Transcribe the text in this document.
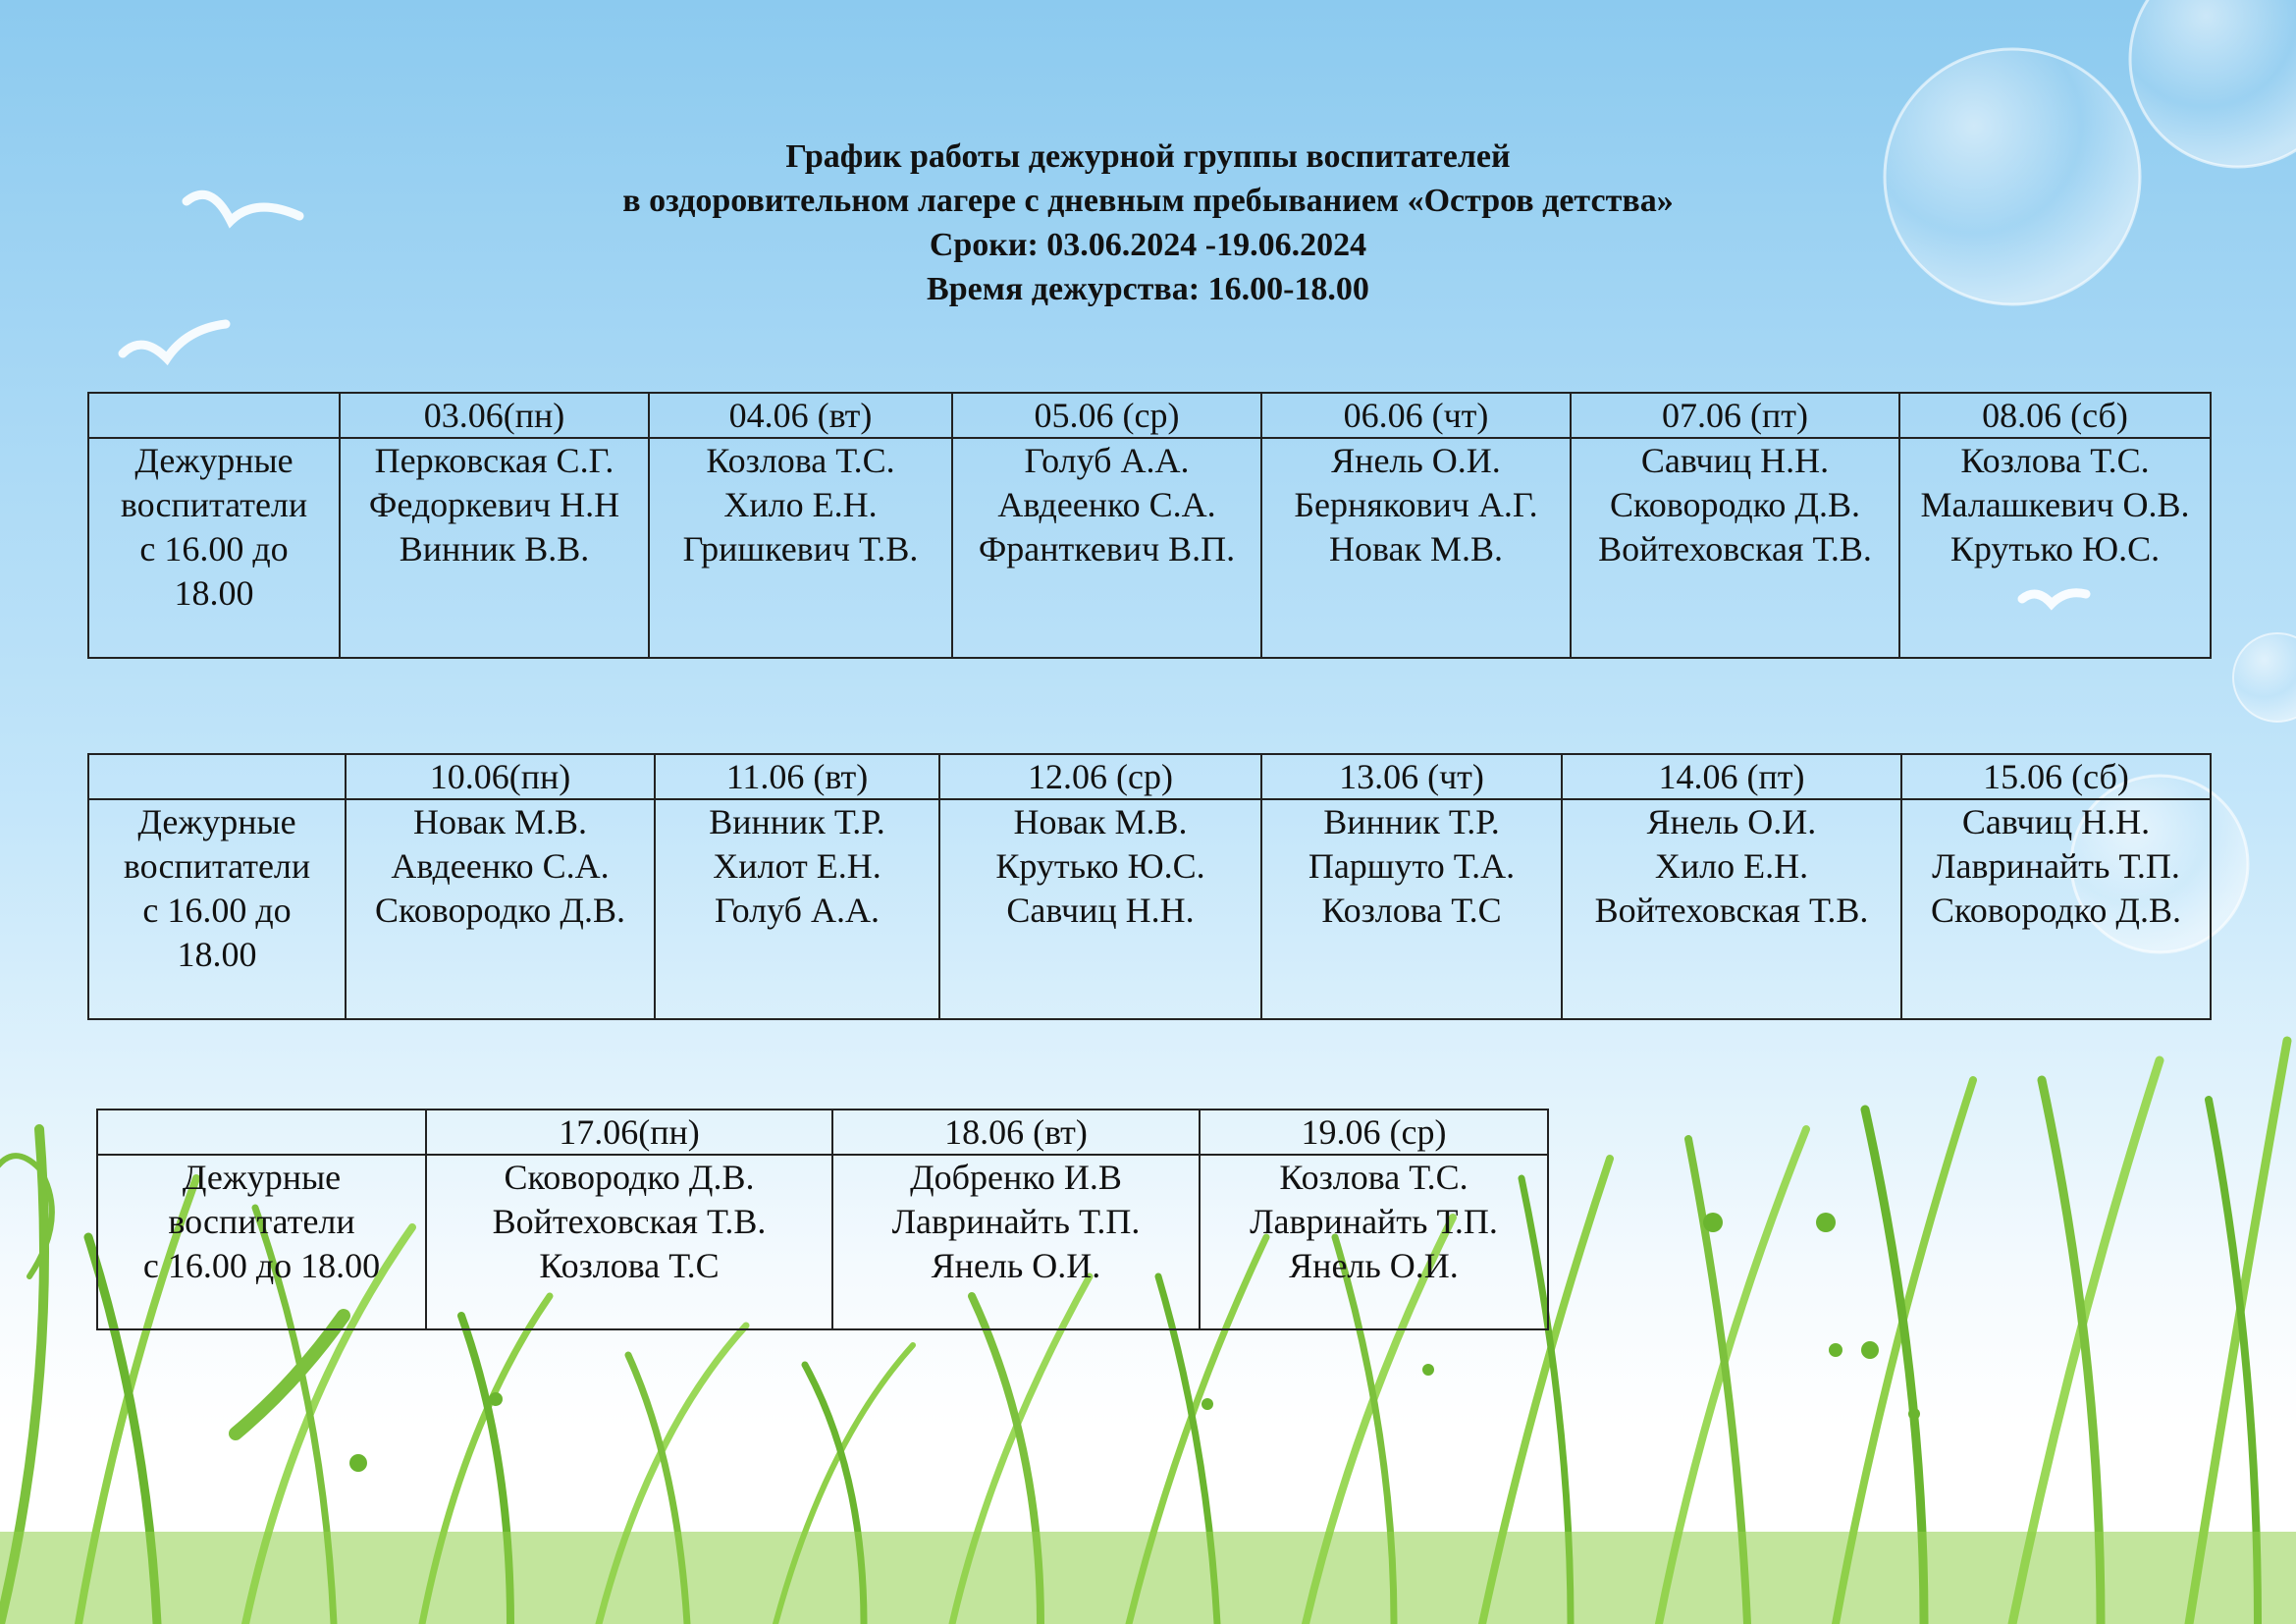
График работы дежурной группы воспитателей
в оздоровительном лагере с дневным пребыванием «Остров детства»
Сроки: 03.06.2024 -19.06.2024
Время дежурства: 16.00-18.00
	03.06(пн)	04.06 (вт)	05.06 (ср)	06.06 (чт)	07.06 (пт)	08.06 (сб)

Дежурные
воспитатели
с 16.00 до
18.00	Перковская С.Г.
Федоркевич Н.Н
Винник В.В.	Козлова Т.С.
Хило Е.Н.
Гришкевич Т.В.	Голуб А.А.
Авдеенко С.А.
Франткевич В.П.	Янель О.И.
Бернякович А.Г.
Новак М.В.	Савчиц Н.Н.
Сковородко Д.В.
Войтеховская Т.В.	Козлова Т.С.
Малашкевич О.В.
Крутько Ю.С.
	10.06(пн)	11.06 (вт)	12.06 (ср)	13.06 (чт)	14.06 (пт)	15.06 (сб)

Дежурные
воспитатели
с 16.00 до
18.00	Новак М.В.
Авдеенко С.А.
Сковородко Д.В.	Винник Т.Р.
Хилот Е.Н.
Голуб А.А.	Новак М.В.
Крутько Ю.С.
Савчиц Н.Н.	Винник Т.Р.
Паршуто Т.А.
Козлова Т.С	Янель О.И.
Хило Е.Н.
Войтеховская Т.В.	Савчиц Н.Н.
Лавринайть Т.П.
Сковородко Д.В.
	17.06(пн)	18.06 (вт)	19.06 (ср)

Дежурные
воспитатели
с 16.00 до 18.00	Сковородко Д.В.
Войтеховская Т.В.
Козлова Т.С	Добренко И.В
Лавринайть Т.П.
Янель О.И.	Козлова Т.С.
Лавринайть Т.П.
Янель О.И.
